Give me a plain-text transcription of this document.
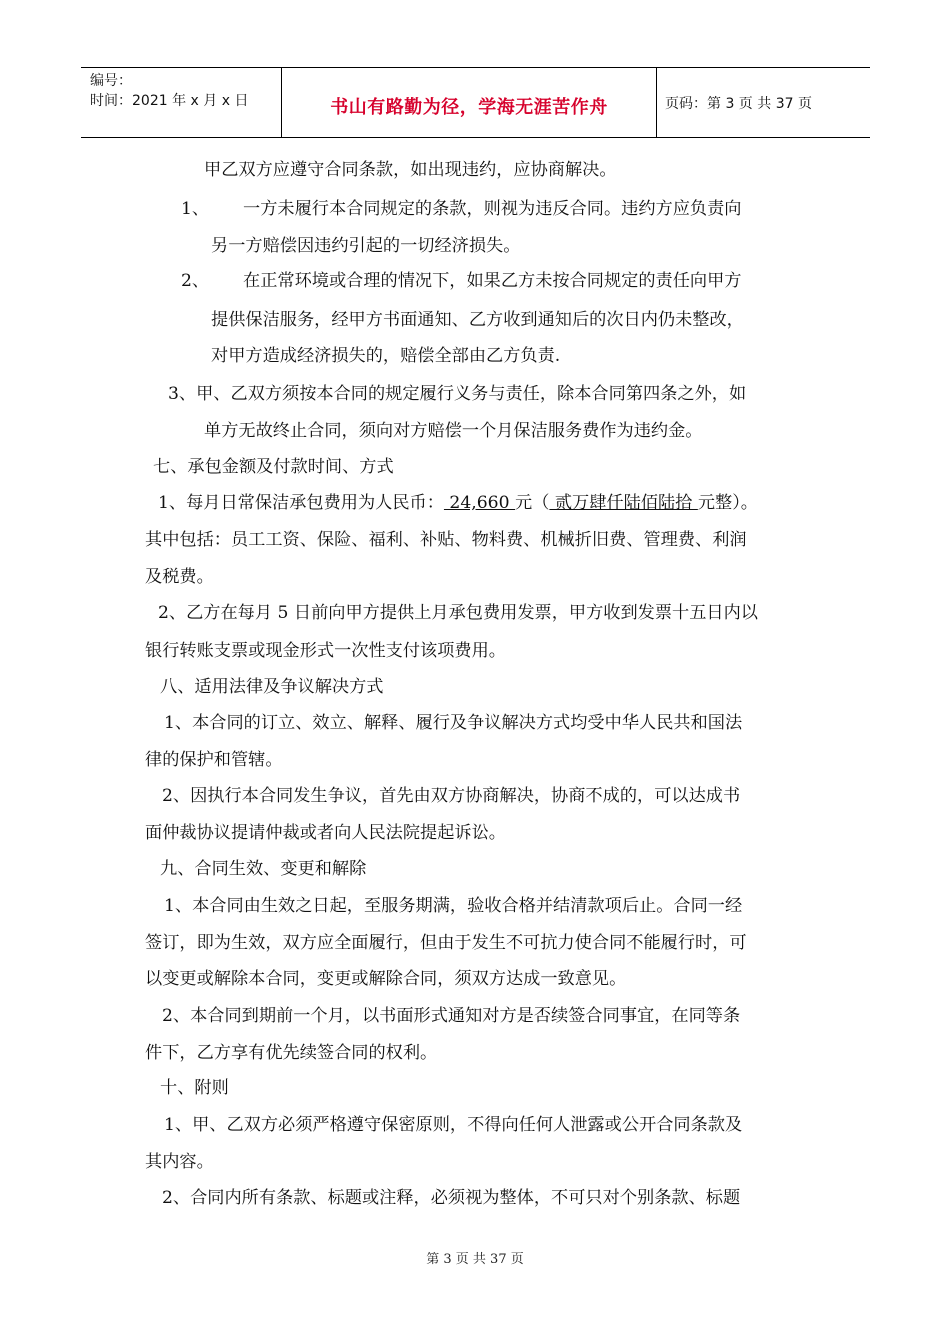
编号：
时间：2021 年 x 月 x 日	书山有路勤为径，学海无涯苦作舟	页码：第 3 页 共 37 页
甲乙双方应遵守合同条款，如出现违约，应协商解决。
1、 一方未履行本合同规定的条款，则视为违反合同。违约方应负责向
另一方赔偿因违约引起的一切经济损失。
2、 在正常环境或合理的情况下，如果乙方未按合同规定的责任向甲方
提供保洁服务，经甲方书面通知、乙方收到通知后的次日内仍未整改，
对甲方造成经济损失的，赔偿全部由乙方负责.
3、甲、乙双方须按本合同的规定履行义务与责任，除本合同第四条之外，如
单方无故终止合同，须向对方赔偿一个月保洁服务费作为违约金。
七、承包金额及付款时间、方式
1、每月日常保洁承包费用为人民币： 24,660 元（ 贰万肆仟陆佰陆拾 元整）。
其中包括：员工工资、保险、福利、补贴、物料费、机械折旧费、管理费、利润
及税费。
2、乙方在每月 5 日前向甲方提供上月承包费用发票，甲方收到发票十五日内以
银行转账支票或现金形式一次性支付该项费用。
八、适用法律及争议解决方式
1、本合同的订立、效立、解释、履行及争议解决方式均受中华人民共和国法
律的保护和管辖。
2、因执行本合同发生争议，首先由双方协商解决，协商不成的，可以达成书
面仲裁协议提请仲裁或者向人民法院提起诉讼。
九、合同生效、变更和解除
1、本合同由生效之日起，至服务期满，验收合格并结清款项后止。合同一经
签订，即为生效，双方应全面履行，但由于发生不可抗力使合同不能履行时，可
以变更或解除本合同，变更或解除合同，须双方达成一致意见。
2、本合同到期前一个月，以书面形式通知对方是否续签合同事宜，在同等条
件下，乙方享有优先续签合同的权利。
十、附则
1、甲、乙双方必须严格遵守保密原则，不得向任何人泄露或公开合同条款及
其内容。
2、合同内所有条款、标题或注释，必须视为整体，不可只对个别条款、标题
第 3 页 共 37 页
